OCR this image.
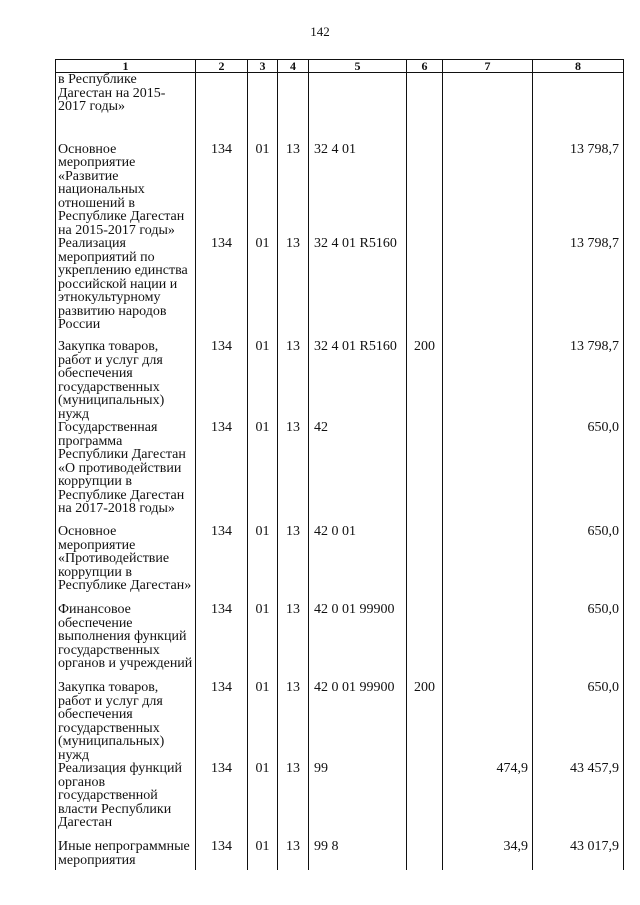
142
1	2	3	4	5	6	7	8
в Республике Дагестан на 2015-2017 годы»							
Основное мероприятие «Развитие национальных отношений в Республике Дагестан на 2015-2017 годы»	134	01	13	32 4 01			13 798,7
Реализация мероприятий по укреплению единства российской нации и этнокультурному развитию народов России	134	01	13	32 4 01 R5160			13 798,7
Закупка товаров, работ и услуг для обеспечения государственных (муниципальных) нужд	134	01	13	32 4 01 R5160	200		13 798,7
Государственная программа Республики Дагестан «О противодействии коррупции в Республике Дагестан на 2017-2018 годы»	134	01	13	42			650,0
Основное мероприятие «Противодействие коррупции в Республике Дагестан»	134	01	13	42 0 01			650,0
Финансовое обеспечение выполнения функций государственных органов и учреждений	134	01	13	42 0 01 99900			650,0
Закупка товаров, работ и услуг для обеспечения государственных (муниципальных) нужд	134	01	13	42 0 01 99900	200		650,0
Реализация функций органов государственной власти Республики Дагестан	134	01	13	99		474,9	43 457,9
Иные непрограммные мероприятия	134	01	13	99 8		34,9	43 017,9
